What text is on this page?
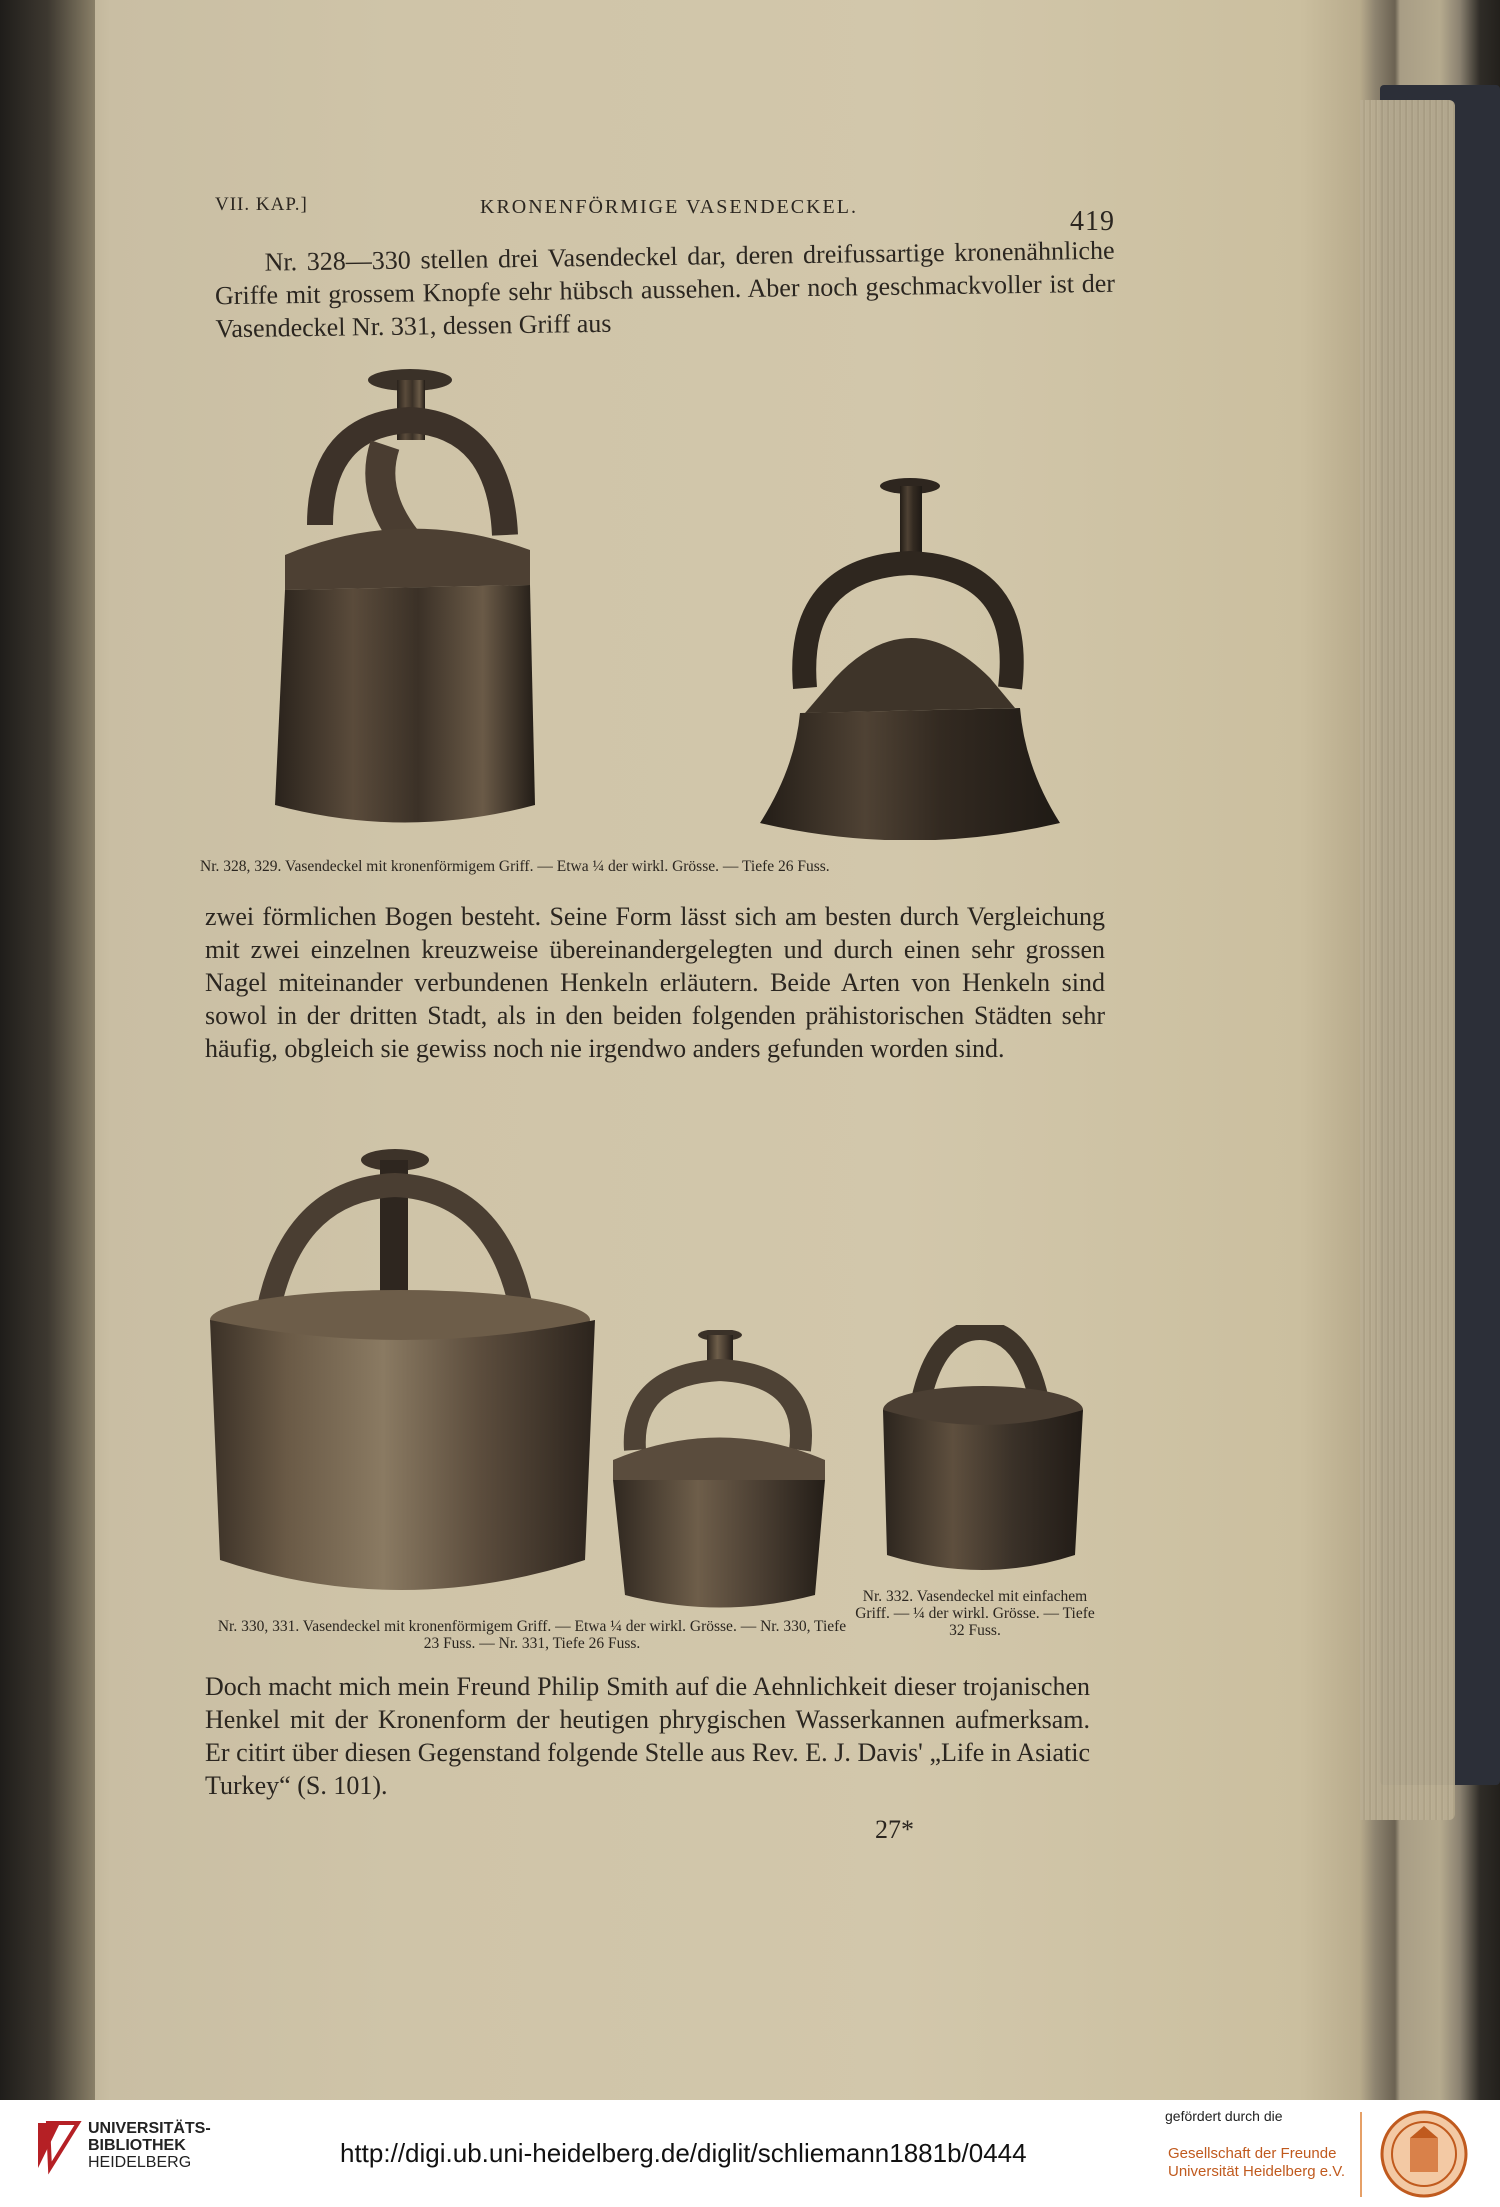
VII. KAP.]	KRONENFÖRMIGE VASENDECKEL.	419
Nr. 328—330 stellen drei Vasendeckel dar, deren dreifussartige kronenähnliche Griffe mit grossem Knopfe sehr hübsch aussehen. Aber noch geschmackvoller ist der Vasendeckel Nr. 331, dessen Griff aus
Nr. 328, 329. Vasendeckel mit kronenförmigem Griff. — Etwa ¼ der wirkl. Grösse. — Tiefe 26 Fuss.
zwei förmlichen Bogen besteht. Seine Form lässt sich am besten durch Vergleichung mit zwei einzelnen kreuzweise übereinandergelegten und durch einen sehr grossen Nagel miteinander verbundenen Henkeln erläutern. Beide Arten von Henkeln sind sowol in der dritten Stadt, als in den beiden folgenden prähistorischen Städten sehr häufig, obgleich sie gewiss noch nie irgendwo anders gefunden worden sind.
Nr. 330, 331. Vasendeckel mit kronenförmigem Griff. — Etwa ¼ der wirkl. Grösse. — Nr. 330, Tiefe 23 Fuss. — Nr. 331, Tiefe 26 Fuss.
Nr. 332. Vasendeckel mit einfachem Griff. — ¼ der wirkl. Grösse. — Tiefe 32 Fuss.
Doch macht mich mein Freund Philip Smith auf die Aehnlichkeit dieser trojanischen Henkel mit der Kronenform der heutigen phrygischen Wasserkannen aufmerksam. Er citirt über diesen Gegenstand folgende Stelle aus Rev. E. J. Davis' „Life in Asiatic Turkey“ (S. 101).
27*
UNIVERSITÄTS-
BIBLIOTHEK
HEIDELBERG	http://digi.ub.uni-heidelberg.de/diglit/schliemann1881b/0444
gefördert durch die
Gesellschaft der Freunde
Universität Heidelberg e.V.
